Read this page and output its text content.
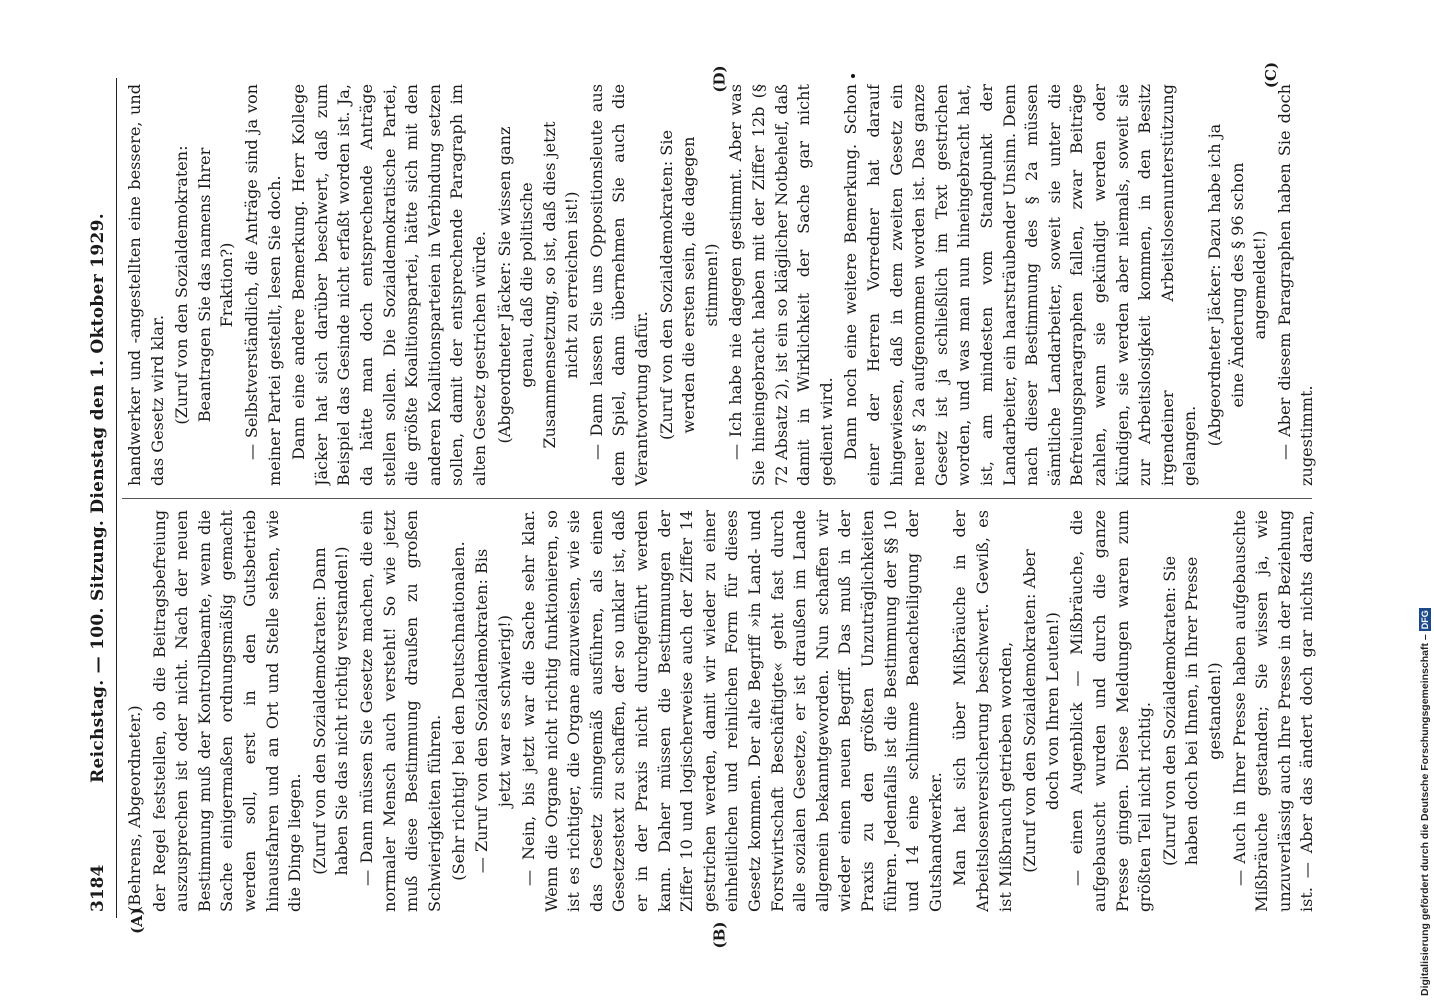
3184
Reichstag. — 100. Sitzung. Dienstag den 1. Oktober 1929.

(Behrens, Abgeordneter.) der Regel feststellen, ob die Beitragsbefreiung auszusprechen ist oder nicht. Nach der neuen Bestimmung muß der Kontrollbeamte, wenn die Sache einigermaßen ordnungsmäßig gemacht werden soll, erst in den Gutsbetrieb hinausfahren und an Ort und Stelle sehen, wie die Dinge liegen. (Zuruf von den Sozialdemokraten: Dann haben Sie das nicht richtig verstanden!) — Dann müssen Sie Gesetze machen, die ein normaler Mensch auch versteht! So wie jetzt muß diese Bestimmung draußen zu großen Schwierigkeiten führen. (Sehr richtig! bei den Deutschnationalen. — Zuruf von den Sozialdemokraten: Bis jetzt war es schwierig!) — Nein, bis jetzt war die Sache sehr klar. Wenn die Organe nicht richtig funktionieren, so ist es richtiger, die Organe anzuweisen, wie sie das Gesetz sinngemäß ausführen, als einen Gesetzestext zu schaffen, der so unklar ist, daß er in der Praxis nicht durchgeführt werden kann. Daher müssen die Bestimmungen der Ziffer 10 und logischerweise auch der Ziffer 14 gestrichen werden, damit wir wieder zu einer einheitlichen und reinlichen Form für dieses Gesetz kommen. Der alte Begriff »in Land- und Forstwirtschaft Beschäftigte« geht fast durch alle sozialen Gesetze, er ist draußen im Lande allgemein bekanntgeworden. Nun schaffen wir wieder einen neuen Begriff. Das muß in der Praxis zu den größten Unzuträglichkeiten führen. Jedenfalls ist die Bestimmung der §§ 10 und 14 eine schlimme Benachteiligung der Gutshandwerker. Man hat sich über Mißbräuche in der Arbeitslosenversicherung beschwert. Gewiß, es ist Mißbrauch getrieben worden, (Zuruf von den Sozialdemokraten: Aber doch von Ihren Leuten!) — einen Augenblick — Mißbräuche, die aufgebauscht wurden und durch die ganze Presse gingen. Diese Meldungen waren zum größten Teil nicht richtig. (Zuruf von den Sozialdemokraten: Sie haben doch bei Ihnen, in Ihrer Presse gestanden!)

— Auch in Ihrer Presse haben aufgebauschte Mißbräuche gestanden; Sie wissen ja, wie unzuverlässig auch Ihre Presse in der Beziehung ist. — Aber das ändert doch gar nichts daran,

handwerker und -angestellten eine bessere, und das Gesetz wird klar. (Zuruf von den Sozialdemokraten: Beantragen Sie das namens Ihrer Fraktion?) — Selbstverständlich, die Anträge sind ja von meiner Partei gestellt, lesen Sie doch. Dann eine andere Bemerkung. Herr Kollege Jäcker hat sich darüber beschwert, daß zum Beispiel das Gesinde nicht erfaßt worden ist. Ja, da hätte man doch entsprechende Anträge stellen sollen. Die Sozialdemokratische Partei, die größte Koalitionspartei, hätte sich mit den anderen Koalitionsparteien in Verbindung setzen sollen, damit der entsprechende Paragraph im alten Gesetz gestrichen würde. (Abgeordneter Jäcker: Sie wissen ganz genau, daß die politische Zusammensetzung, so ist, daß dies jetzt nicht zu erreichen ist!) — Dann lassen Sie uns Oppositionsleute aus dem Spiel, dann übernehmen Sie auch die Verantwortung dafür. (Zuruf von den Sozialdemokraten: Sie werden die ersten sein, die dagegen stimmen!) — Ich habe nie dagegen gestimmt. Aber was Sie hineingebracht haben mit der Ziffer 12b (§ 72 Absatz 2), ist ein so kläglicher Notbehelf, daß damit in Wirklichkeit der Sache gar nicht gedient wird. Dann noch eine weitere Bemerkung. Schon einer der Herren Vorredner hat darauf hingewiesen, daß in dem zweiten Gesetz ein neuer § 2a aufgenommen worden ist. Das ganze Gesetz ist ja schließlich im Text gestrichen worden, und was man nun hineingebracht hat, ist, am mindesten vom Standpunkt der Landarbeiter, ein haarsträubender Unsinn. Denn nach dieser Bestimmung des § 2a müssen sämtliche Landarbeiter, soweit sie unter die Befreiungsparagraphen fallen, zwar Beiträge zahlen, wenn sie gekündigt werden oder kündigen, sie werden aber niemals, soweit sie zur Arbeitslosigkeit kommen, in den Besitz irgendeiner Arbeitslosenunterstützung gelangen. (Abgeordneter Jäcker: Dazu habe ich ja eine Änderung des § 96 schon angemeldet!) — Aber diesem Paragraphen haben Sie doch zugestimmt.

(A)
(B)
(C)
(D)
Digitalisierung gefördert durch die Deutsche Forschungsgemeinschaft –DFG
